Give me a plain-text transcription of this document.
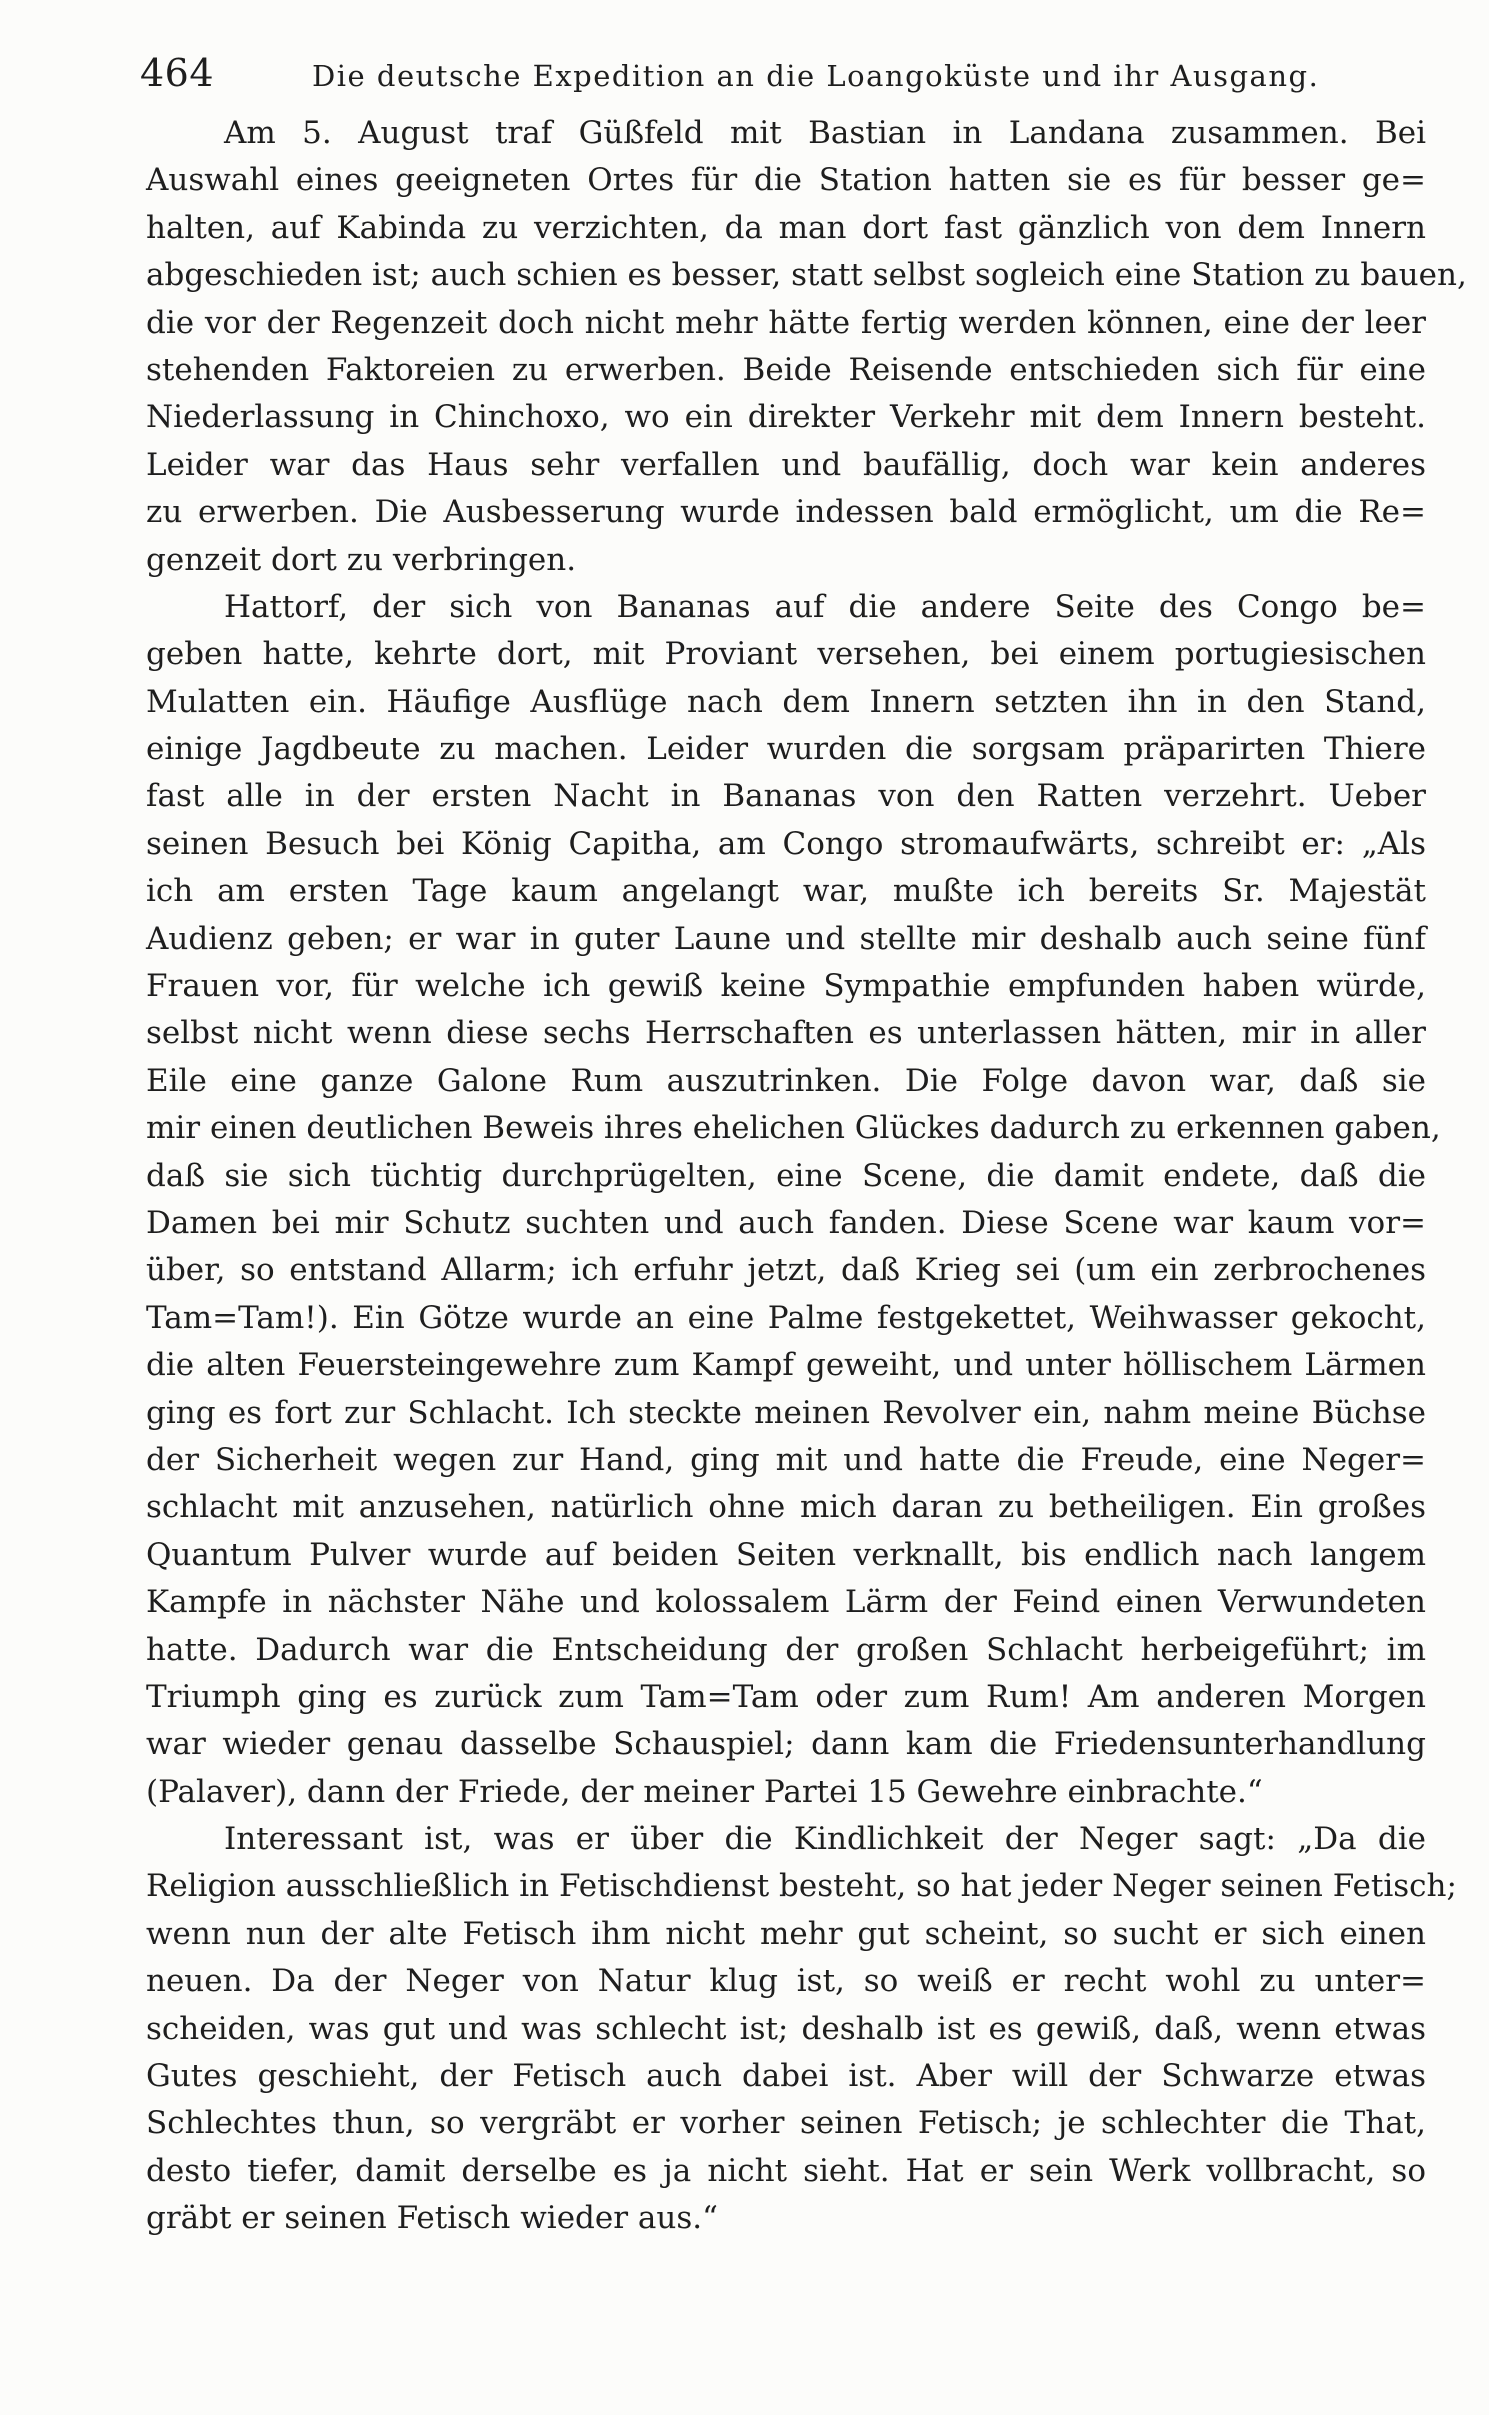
464	Die deutsche Expedition an die Loangoküste und ihr Ausgang.
Am 5. August traf Güßfeld mit Bastian in Landana zusammen. Bei
Auswahl eines geeigneten Ortes für die Station hatten sie es für besser ge=
halten, auf Kabinda zu verzichten, da man dort fast gänzlich von dem Innern
abgeschieden ist; auch schien es besser, statt selbst sogleich eine Station zu bauen,
die vor der Regenzeit doch nicht mehr hätte fertig werden können, eine der leer
stehenden Faktoreien zu erwerben. Beide Reisende entschieden sich für eine
Niederlassung in Chinchoxo, wo ein direkter Verkehr mit dem Innern besteht.
Leider war das Haus sehr verfallen und baufällig, doch war kein anderes
zu erwerben. Die Ausbesserung wurde indessen bald ermöglicht, um die Re=
genzeit dort zu verbringen.
Hattorf, der sich von Bananas auf die andere Seite des Congo be=
geben hatte, kehrte dort, mit Proviant versehen, bei einem portugiesischen
Mulatten ein. Häufige Ausflüge nach dem Innern setzten ihn in den Stand,
einige Jagdbeute zu machen. Leider wurden die sorgsam präparirten Thiere
fast alle in der ersten Nacht in Bananas von den Ratten verzehrt. Ueber
seinen Besuch bei König Capitha, am Congo stromaufwärts, schreibt er: „Als
ich am ersten Tage kaum angelangt war, mußte ich bereits Sr. Majestät
Audienz geben; er war in guter Laune und stellte mir deshalb auch seine fünf
Frauen vor, für welche ich gewiß keine Sympathie empfunden haben würde,
selbst nicht wenn diese sechs Herrschaften es unterlassen hätten, mir in aller
Eile eine ganze Galone Rum auszutrinken. Die Folge davon war, daß sie
mir einen deutlichen Beweis ihres ehelichen Glückes dadurch zu erkennen gaben,
daß sie sich tüchtig durchprügelten, eine Scene, die damit endete, daß die
Damen bei mir Schutz suchten und auch fanden. Diese Scene war kaum vor=
über, so entstand Allarm; ich erfuhr jetzt, daß Krieg sei (um ein zerbrochenes
Tam=Tam!). Ein Götze wurde an eine Palme festgekettet, Weihwasser gekocht,
die alten Feuersteingewehre zum Kampf geweiht, und unter höllischem Lärmen
ging es fort zur Schlacht. Ich steckte meinen Revolver ein, nahm meine Büchse
der Sicherheit wegen zur Hand, ging mit und hatte die Freude, eine Neger=
schlacht mit anzusehen, natürlich ohne mich daran zu betheiligen. Ein großes
Quantum Pulver wurde auf beiden Seiten verknallt, bis endlich nach langem
Kampfe in nächster Nähe und kolossalem Lärm der Feind einen Verwundeten
hatte. Dadurch war die Entscheidung der großen Schlacht herbeigeführt; im
Triumph ging es zurück zum Tam=Tam oder zum Rum! Am anderen Morgen
war wieder genau dasselbe Schauspiel; dann kam die Friedensunterhandlung
(Palaver), dann der Friede, der meiner Partei 15 Gewehre einbrachte.“
Interessant ist, was er über die Kindlichkeit der Neger sagt: „Da die
Religion ausschließlich in Fetischdienst besteht, so hat jeder Neger seinen Fetisch;
wenn nun der alte Fetisch ihm nicht mehr gut scheint, so sucht er sich einen
neuen. Da der Neger von Natur klug ist, so weiß er recht wohl zu unter=
scheiden, was gut und was schlecht ist; deshalb ist es gewiß, daß, wenn etwas
Gutes geschieht, der Fetisch auch dabei ist. Aber will der Schwarze etwas
Schlechtes thun, so vergräbt er vorher seinen Fetisch; je schlechter die That,
desto tiefer, damit derselbe es ja nicht sieht. Hat er sein Werk vollbracht, so
gräbt er seinen Fetisch wieder aus.“
